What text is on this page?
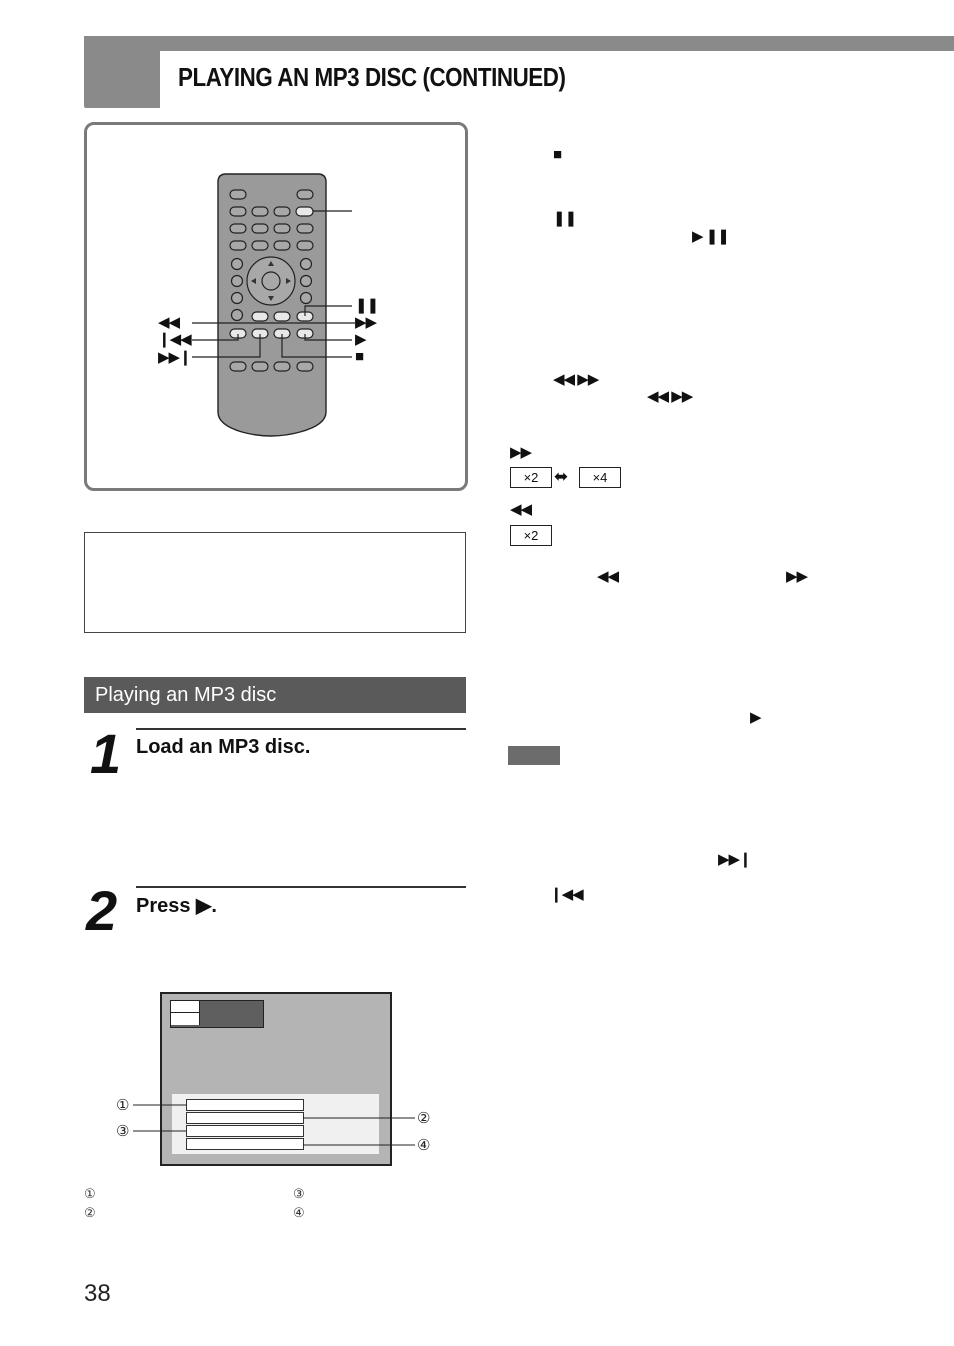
PLAYING AN MP3 DISC (CONTINUED)
❚❚
◀◀	▶▶
❙◀◀	▶
▶▶❙	■
Playing an MP3 disc
1 Load an MP3 disc.
2 Press ▶.
①
②
③
④
①
②
③
④
■
❚❚
▶ ❚❚
◀◀ ▶▶
◀◀ ▶▶
▶▶
×2 ⬌	×4
◀◀
×2
◀◀	▶▶
▶
▶▶❙
❙◀◀
38
